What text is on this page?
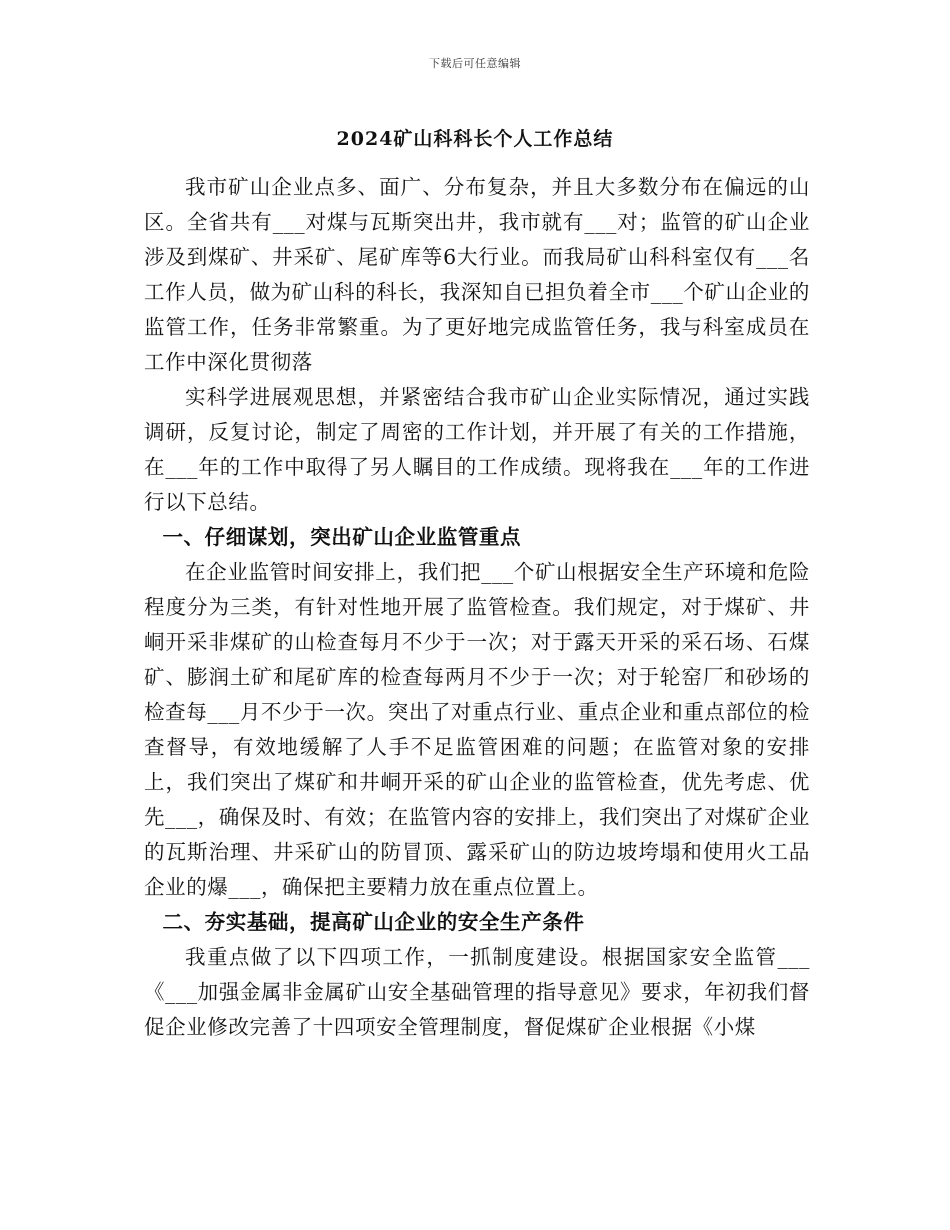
下载后可任意编辑
2024矿山科科长个人工作总结

我市矿山企业点多、面广、分布复杂，并且大多数分布在偏远的山区。全省共有___对煤与瓦斯突出井，我市就有___对；监管的矿山企业涉及到煤矿、井采矿、尾矿库等6大行业。而我局矿山科科室仅有___名工作人员，做为矿山科的科长，我深知自已担负着全市___个矿山企业的监管工作，任务非常繁重。为了更好地完成监管任务，我与科室成员在工作中深化贯彻落

实科学进展观思想，并紧密结合我市矿山企业实际情况，通过实践调研，反复讨论，制定了周密的工作计划，并开展了有关的工作措施，在___年的工作中取得了另人瞩目的工作成绩。现将我在___年的工作进行以下总结。

一、仔细谋划，突出矿山企业监管重点

在企业监管时间安排上，我们把___个矿山根据安全生产环境和危险程度分为三类，有针对性地开展了监管检查。我们规定，对于煤矿、井峒开采非煤矿的山检查每月不少于一次；对于露天开采的采石场、石煤矿、膨润土矿和尾矿库的检查每两月不少于一次；对于轮窑厂和砂场的检查每___月不少于一次。突出了对重点行业、重点企业和重点部位的检查督导，有效地缓解了人手不足监管困难的问题；在监管对象的安排上，我们突出了煤矿和井峒开采的矿山企业的监管检查，优先考虑、优先___，确保及时、有效；在监管内容的安排上，我们突出了对煤矿企业的瓦斯治理、井采矿山的防冒顶、露采矿山的防边坡垮塌和使用火工品企业的爆___，确保把主要精力放在重点位置上。

二、夯实基础，提高矿山企业的安全生产条件

我重点做了以下四项工作，一抓制度建设。根据国家安全监管___《___加强金属非金属矿山安全基础管理的指导意见》要求，年初我们督促企业修改完善了十四项安全管理制度，督促煤矿企业根据《小煤
